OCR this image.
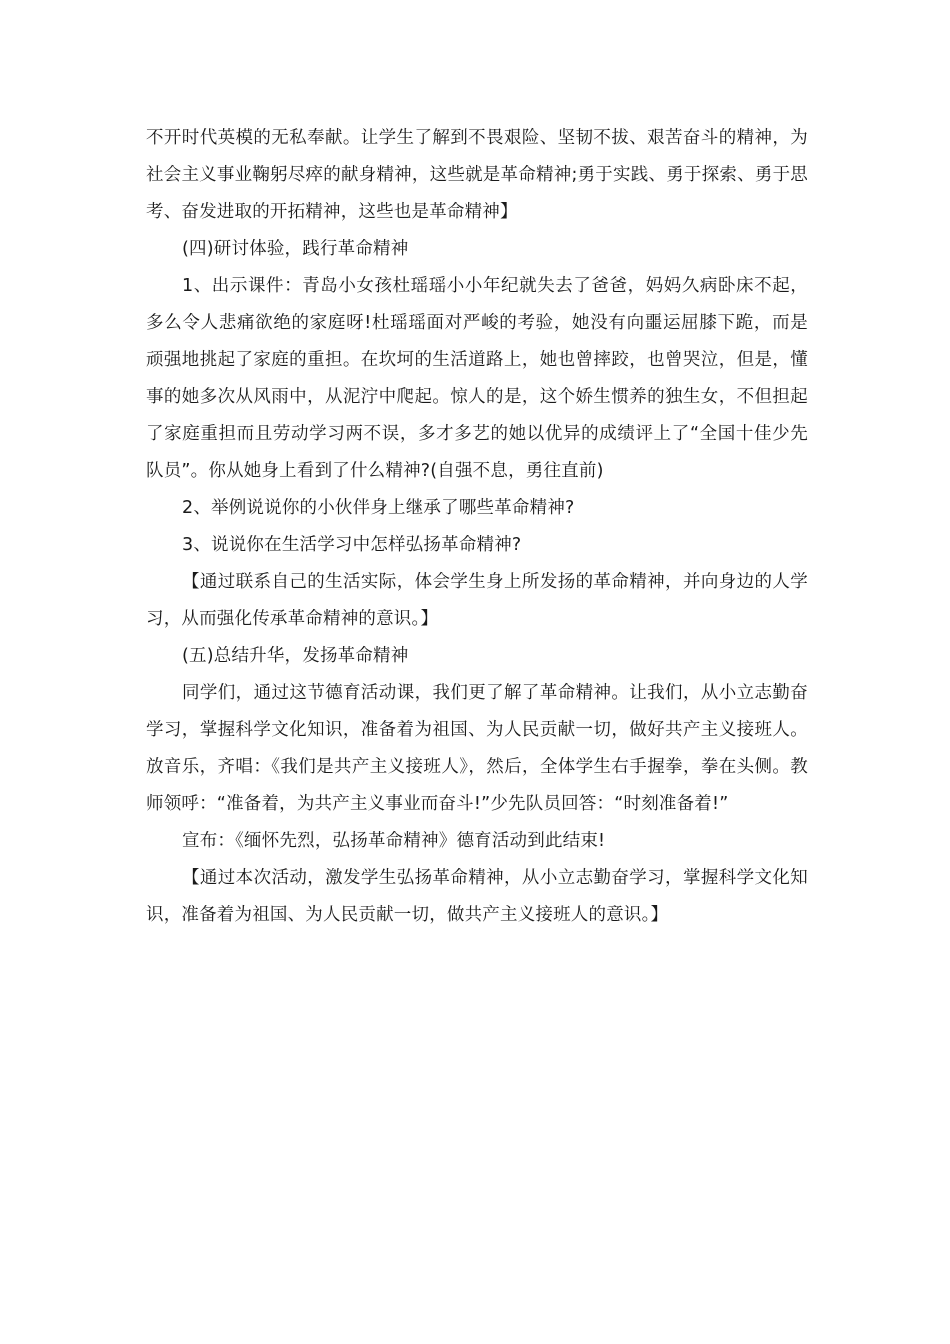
不开时代英模的无私奉献。让学生了解到不畏艰险、坚韧不拔、艰苦奋斗的精神，为社会主义事业鞠躬尽瘁的献身精神，这些就是革命精神;勇于实践、勇于探索、勇于思考、奋发进取的开拓精神，这些也是革命精神】

(四)研讨体验，践行革命精神

1、出示课件：青岛小女孩杜瑶瑶小小年纪就失去了爸爸，妈妈久病卧床不起，多么令人悲痛欲绝的家庭呀!杜瑶瑶面对严峻的考验，她没有向噩运屈膝下跪，而是顽强地挑起了家庭的重担。在坎坷的生活道路上，她也曾摔跤，也曾哭泣，但是，懂事的她多次从风雨中，从泥泞中爬起。惊人的是，这个娇生惯养的独生女，不但担起了家庭重担而且劳动学习两不误，多才多艺的她以优异的成绩评上了“全国十佳少先队员”。你从她身上看到了什么精神?(自强不息，勇往直前)

2、举例说说你的小伙伴身上继承了哪些革命精神?

3、说说你在生活学习中怎样弘扬革命精神?

【通过联系自己的生活实际，体会学生身上所发扬的革命精神，并向身边的人学习，从而强化传承革命精神的意识。】

(五)总结升华，发扬革命精神

同学们，通过这节德育活动课，我们更了解了革命精神。让我们，从小立志勤奋学习，掌握科学文化知识，准备着为祖国、为人民贡献一切，做好共产主义接班人。放音乐，齐唱：《我们是共产主义接班人》，然后，全体学生右手握拳，拳在头侧。教师领呼：“准备着，为共产主义事业而奋斗!”少先队员回答：“时刻准备着!”

宣布：《缅怀先烈，弘扬革命精神》德育活动到此结束!

【通过本次活动，激发学生弘扬革命精神，从小立志勤奋学习，掌握科学文化知识，准备着为祖国、为人民贡献一切，做共产主义接班人的意识。】
